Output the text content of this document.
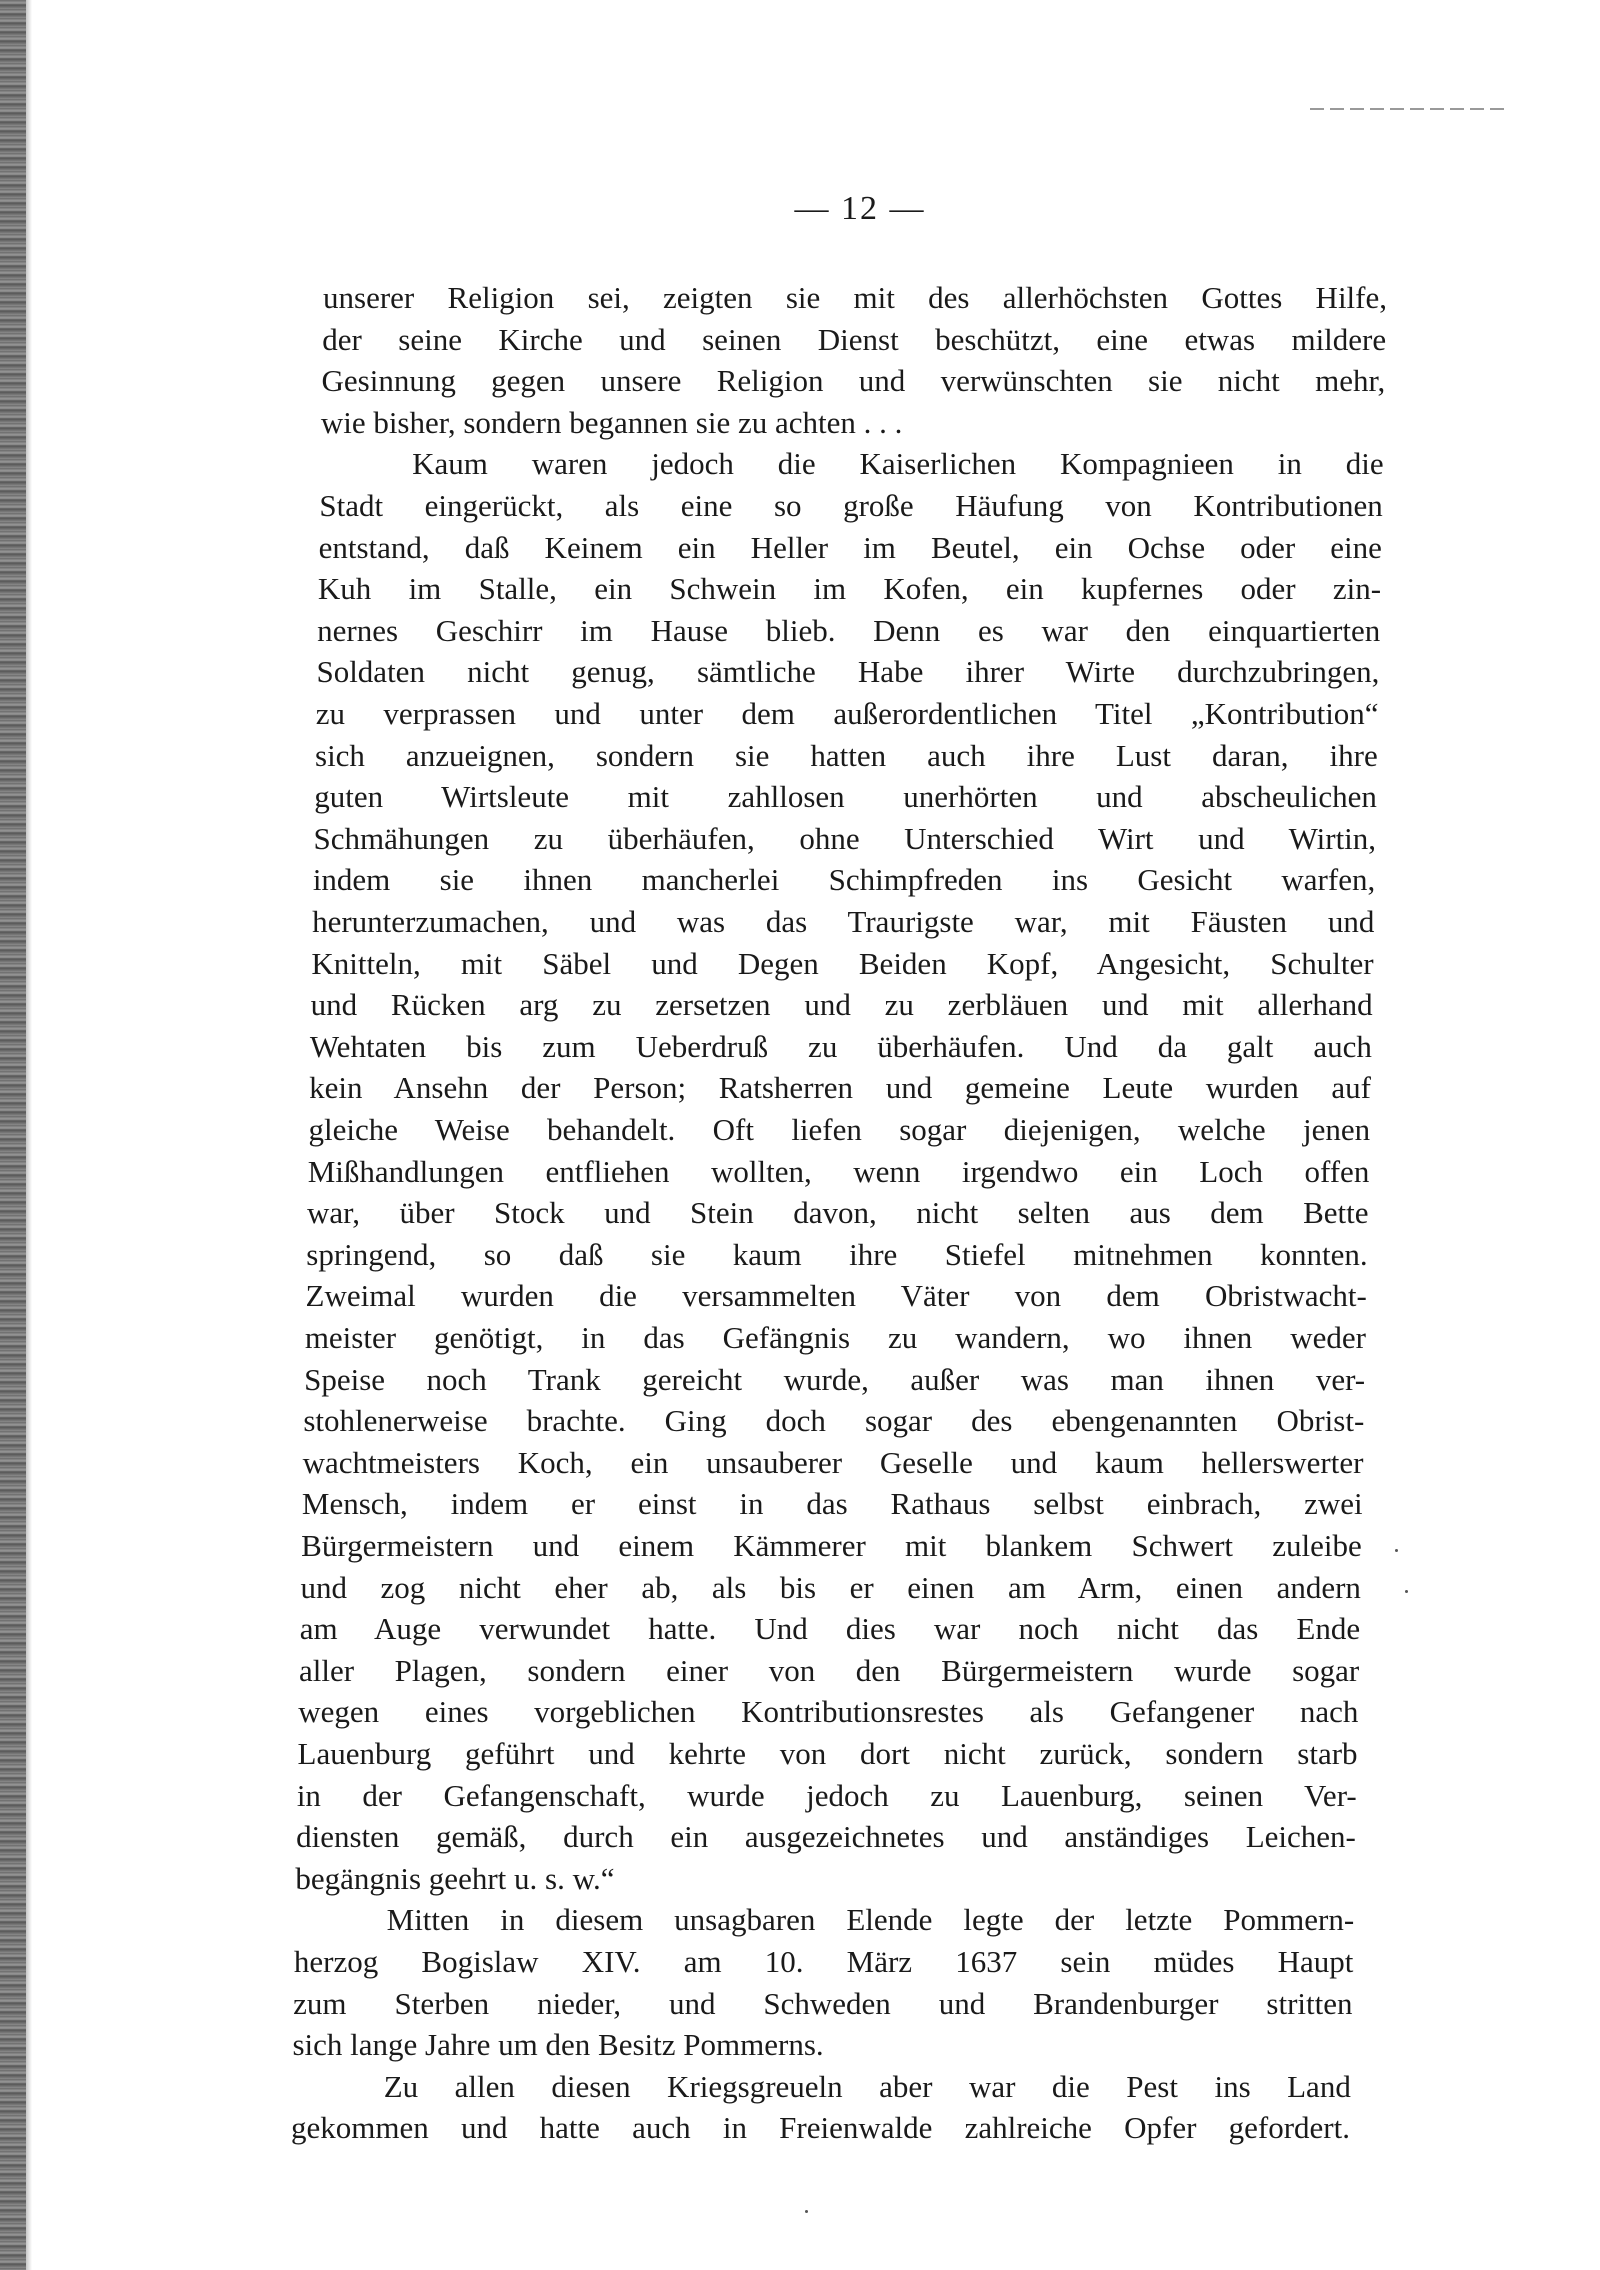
— 12 —
unserer Religion sei, zeigten sie mit des allerhöchsten Gottes Hilfe,
der seine Kirche und seinen Dienst beschützt, eine etwas mildere
Gesinnung gegen unsere Religion und verwünschten sie nicht mehr,
wie bisher, sondern begannen sie zu achten . . .
Kaum waren jedoch die Kaiserlichen Kompagnieen in die
Stadt eingerückt, als eine so große Häufung von Kontributionen
entstand, daß Keinem ein Heller im Beutel, ein Ochse oder eine
Kuh im Stalle, ein Schwein im Kofen, ein kupfernes oder zin-
nernes Geschirr im Hause blieb. Denn es war den einquartierten
Soldaten nicht genug, sämtliche Habe ihrer Wirte durchzubringen,
zu verprassen und unter dem außerordentlichen Titel „Kontribution“
sich anzueignen, sondern sie hatten auch ihre Lust daran, ihre
guten Wirtsleute mit zahllosen unerhörten und abscheulichen
Schmähungen zu überhäufen, ohne Unterschied Wirt und Wirtin,
indem sie ihnen mancherlei Schimpfreden ins Gesicht warfen,
herunterzumachen, und was das Traurigste war, mit Fäusten und
Knitteln, mit Säbel und Degen Beiden Kopf, Angesicht, Schulter
und Rücken arg zu zersetzen und zu zerbläuen und mit allerhand
Wehtaten bis zum Ueberdruß zu überhäufen. Und da galt auch
kein Ansehn der Person; Ratsherren und gemeine Leute wurden auf
gleiche Weise behandelt. Oft liefen sogar diejenigen, welche jenen
Mißhandlungen entfliehen wollten, wenn irgendwo ein Loch offen
war, über Stock und Stein davon, nicht selten aus dem Bette
springend, so daß sie kaum ihre Stiefel mitnehmen konnten.
Zweimal wurden die versammelten Väter von dem Obristwacht-
meister genötigt, in das Gefängnis zu wandern, wo ihnen weder
Speise noch Trank gereicht wurde, außer was man ihnen ver-
stohlenerweise brachte. Ging doch sogar des ebengenannten Obrist-
wachtmeisters Koch, ein unsauberer Geselle und kaum hellerswerter
Mensch, indem er einst in das Rathaus selbst einbrach, zwei
Bürgermeistern und einem Kämmerer mit blankem Schwert zuleibe
und zog nicht eher ab, als bis er einen am Arm, einen andern
am Auge verwundet hatte. Und dies war noch nicht das Ende
aller Plagen, sondern einer von den Bürgermeistern wurde sogar
wegen eines vorgeblichen Kontributionsrestes als Gefangener nach
Lauenburg geführt und kehrte von dort nicht zurück, sondern starb
in der Gefangenschaft, wurde jedoch zu Lauenburg, seinen Ver-
diensten gemäß, durch ein ausgezeichnetes und anständiges Leichen-
begängnis geehrt u. s. w.“
Mitten in diesem unsagbaren Elende legte der letzte Pommern-
herzog Bogislaw XIV. am 10. März 1637 sein müdes Haupt
zum Sterben nieder, und Schweden und Brandenburger stritten
sich lange Jahre um den Besitz Pommerns.
Zu allen diesen Kriegsgreueln aber war die Pest ins Land
gekommen und hatte auch in Freienwalde zahlreiche Opfer gefordert.
